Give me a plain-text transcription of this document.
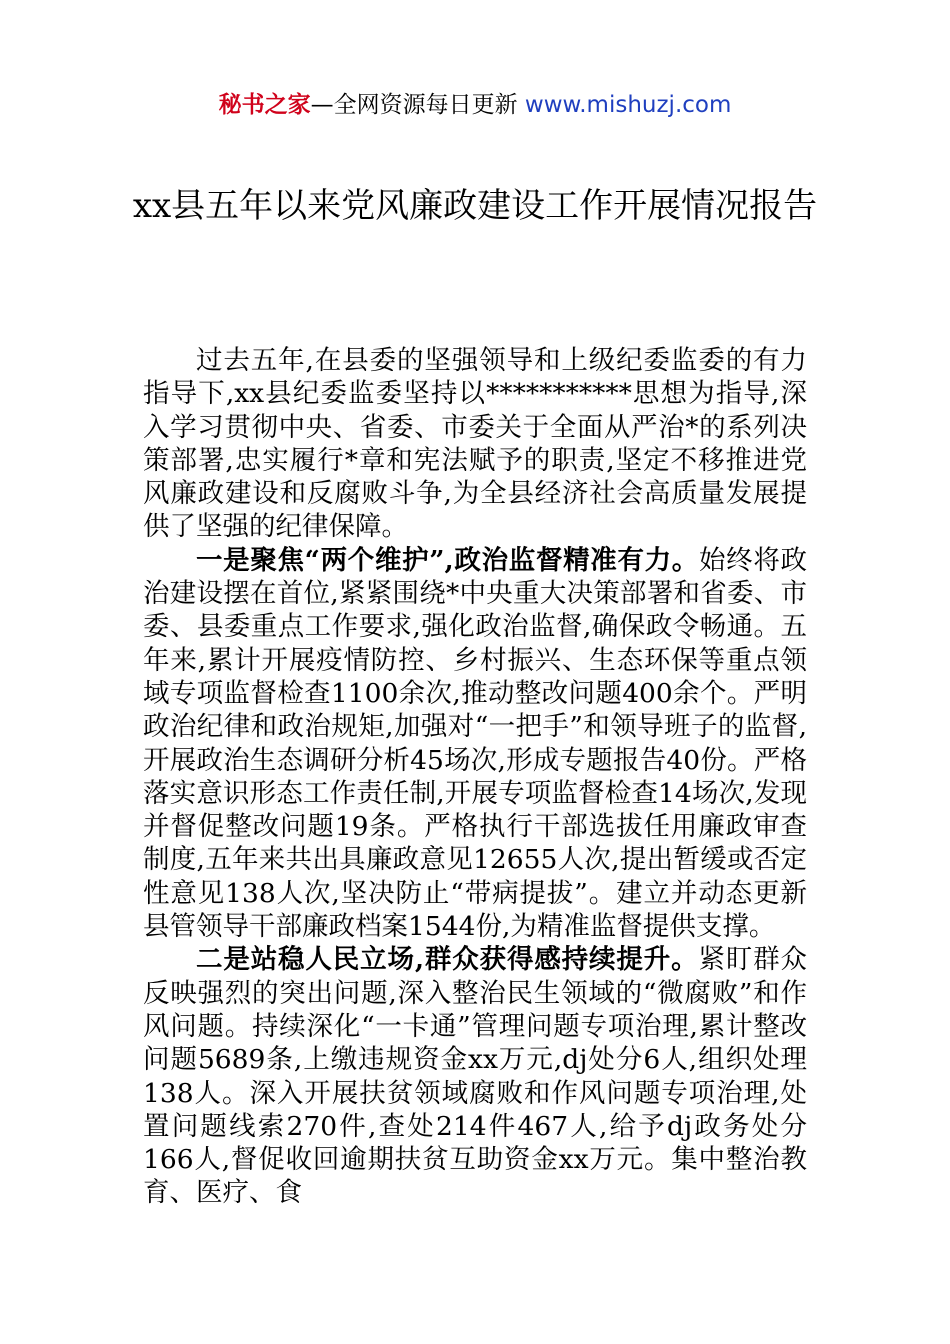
秘书之家—全网资源每日更新 www.mishuzj.com
xx县五年以来党风廉政建设工作开展情况报告

过去五年,在县委的坚强领导和上级纪委监委的有力指导下,xx县纪委监委坚持以***********思想为指导,深入学习贯彻中央、省委、市委关于全面从严治*的系列决策部署,忠实履行*章和宪法赋予的职责,坚定不移推进党风廉政建设和反腐败斗争,为全县经济社会高质量发展提供了坚强的纪律保障。

一是聚焦“两个维护”,政治监督精准有力。始终将政治建设摆在首位,紧紧围绕*中央重大决策部署和省委、市委、县委重点工作要求,强化政治监督,确保政令畅通。五年来,累计开展疫情防控、乡村振兴、生态环保等重点领域专项监督检查1100余次,推动整改问题400余个。严明政治纪律和政治规矩,加强对“一把手”和领导班子的监督,开展政治生态调研分析45场次,形成专题报告40份。严格落实意识形态工作责任制,开展专项监督检查14场次,发现并督促整改问题19条。严格执行干部选拔任用廉政审查制度,五年来共出具廉政意见12655人次,提出暂缓或否定性意见138人次,坚决防止“带病提拔”。建立并动态更新县管领导干部廉政档案1544份,为精准监督提供支撑。

二是站稳人民立场,群众获得感持续提升。紧盯群众反映强烈的突出问题,深入整治民生领域的“微腐败”和作风问题。持续深化“一卡通”管理问题专项治理,累计整改问题5689条,上缴违规资金xx万元,dj处分6人,组织处理138人。深入开展扶贫领域腐败和作风问题专项治理,处置问题线索270件,查处214件467人,给予dj政务处分166人,督促收回逾期扶贫互助资金xx万元。集中整治教育、医疗、食
